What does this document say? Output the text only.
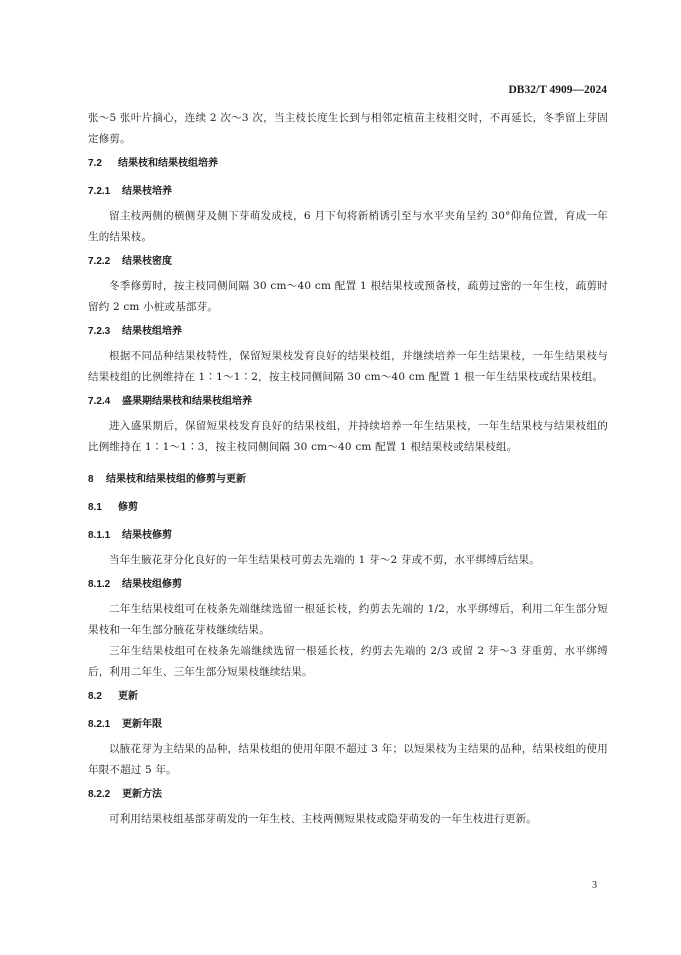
DB32/T 4909—2024

张～5 张叶片摘心，连续 2 次～3 次，当主枝长度生长到与相邻定植苗主枝相交时，不再延长，冬季留上芽固定修剪。

7.2	结果枝和结果枝组培养
7.2.1	结果枝培养

留主枝两侧的横侧芽及侧下芽萌发成枝，6 月下旬将新梢诱引至与水平夹角呈约 30°仰角位置，育成一年生的结果枝。

7.2.2	结果枝密度

冬季修剪时，按主枝同侧间隔 30 cm～40 cm 配置 1 根结果枝或预备枝，疏剪过密的一年生枝，疏剪时留约 2 cm 小桩或基部芽。

7.2.3	结果枝组培养

根据不同品种结果枝特性，保留短果枝发育良好的结果枝组，并继续培养一年生结果枝，一年生结果枝与结果枝组的比例维持在 1∶1～1∶2，按主枝同侧间隔 30 cm～40 cm 配置 1 根一年生结果枝或结果枝组。

7.2.4	盛果期结果枝和结果枝组培养

进入盛果期后，保留短果枝发育良好的结果枝组，并持续培养一年生结果枝，一年生结果枝与结果枝组的比例维持在 1∶1～1∶3，按主枝同侧间隔 30 cm～40 cm 配置 1 根结果枝或结果枝组。

8	结果枝和结果枝组的修剪与更新
8.1	修剪
8.1.1	结果枝修剪

当年生腋花芽分化良好的一年生结果枝可剪去先端的 1 芽～2 芽或不剪，水平绑缚后结果。

8.1.2	结果枝组修剪

二年生结果枝组可在枝条先端继续选留一根延长枝，约剪去先端的 1/2，水平绑缚后，利用二年生部分短果枝和一年生部分腋花芽枝继续结果。

三年生结果枝组可在枝条先端继续选留一根延长枝，约剪去先端的 2/3 或留 2 芽～3 芽重剪，水平绑缚后，利用二年生、三年生部分短果枝继续结果。

8.2	更新
8.2.1	更新年限

以腋花芽为主结果的品种，结果枝组的使用年限不超过 3 年；以短果枝为主结果的品种，结果枝组的使用年限不超过 5 年。

8.2.2	更新方法

可利用结果枝组基部芽萌发的一年生枝、主枝两侧短果枝或隐芽萌发的一年生枝进行更新。

3
